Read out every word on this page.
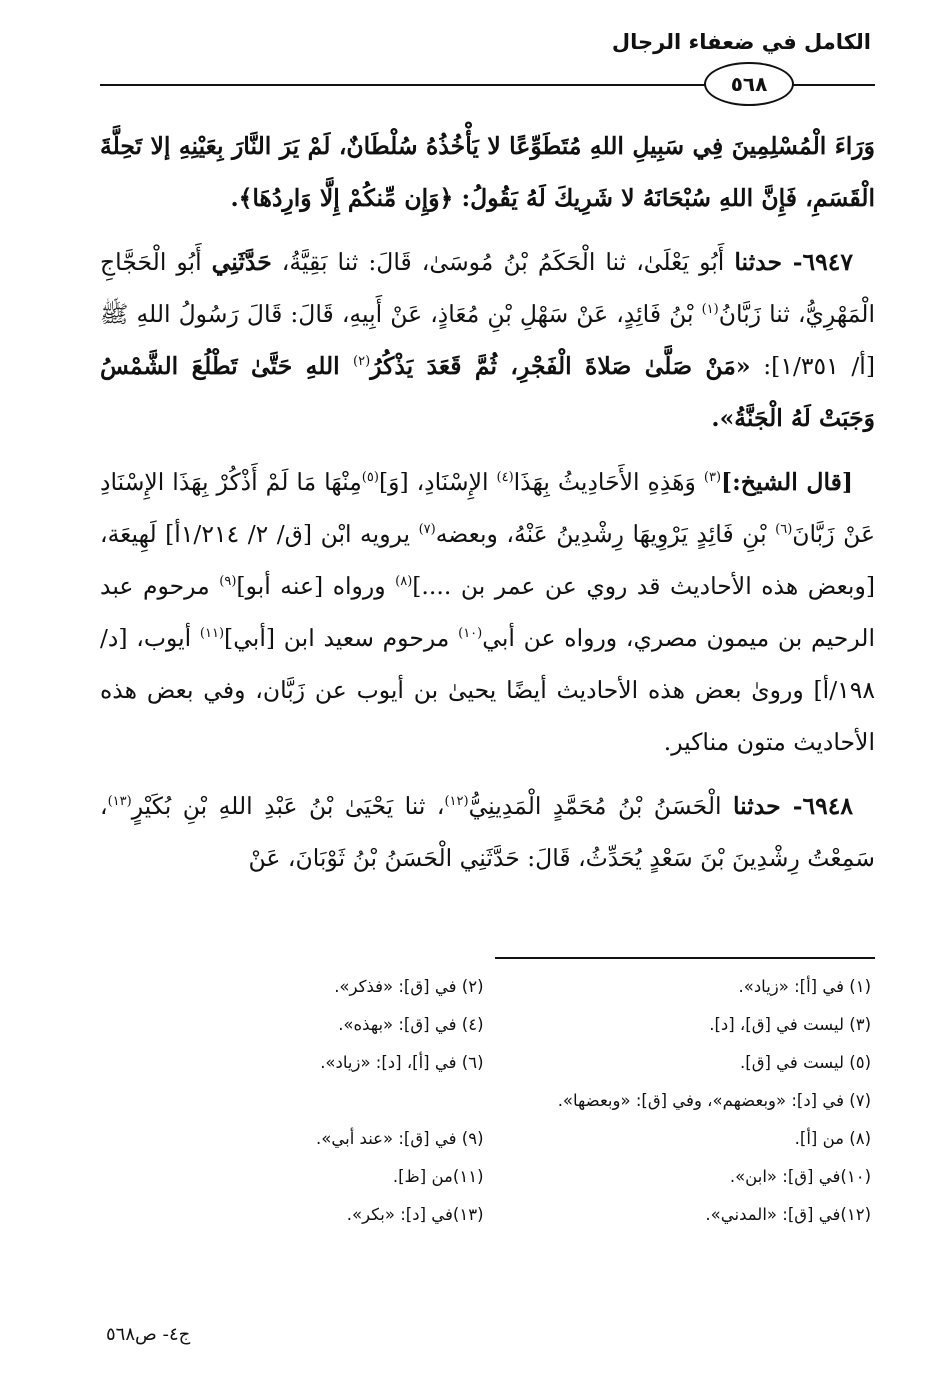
الكامل في ضعفاء الرجال
٥٦٨

وَرَاءَ الْمُسْلِمِينَ فِي سَبِيلِ اللهِ مُتَطَوِّعًا لا يَأْخُذُهُ سُلْطَانٌ، لَمْ يَرَ النَّارَ بِعَيْنِهِ إلا تَحِلَّةَ الْقَسَمِ، فَإِنَّ اللهِ سُبْحَانَهُ لا شَرِيكَ لَهُ يَقُولُ: ﴿وَإِن مِّنكُمْ إِلَّا وَارِدُهَا﴾.

٦٩٤٧- حدثنا أَبُو يَعْلَىٰ، ثنا الْحَكَمُ بْنُ مُوسَىٰ، قَالَ: ثنا بَقِيَّةُ، حَدَّثَنِي أَبُو الْحَجَّاجِ الْمَهْرِيُّ، ثنا زَبَّانُ$^{(١)}$ بْنُ فَائِدٍ، عَنْ سَهْلِ بْنِ مُعَاذٍ، عَنْ أَبِيهِ، قَالَ: قَالَ رَسُولُ اللهِ ﷺ [أ/ ١/٣٥١]: «مَنْ صَلَّىٰ صَلاةَ الْفَجْرِ، ثُمَّ قَعَدَ يَذْكُرُ$^{(٢)}$ اللهِ حَتَّىٰ تَطْلُعَ الشَّمْسُ وَجَبَتْ لَهُ الْجَنَّةُ».

[قال الشيخ:]$^{(٣)}$ وَهَذِهِ الأَحَادِيثُ بِهَذَا$^{(٤)}$ الإِسْنَادِ، [وَ]$^{(٥)}$مِنْهَا مَا لَمْ أَذْكُرْ بِهَذَا الإِسْنَادِ عَنْ زَبَّانَ$^{(٦)}$ بْنِ فَائِدٍ يَرْوِيهَا رِشْدِينُ عَنْهُ، وبعضه$^{(٧)}$ يرويه ابْن [ق/ ٢/ ١/٢١٤أ] لَهِيعَة، [وبعض هذه الأحاديث قد روي عن عمر بن ....]$^{(٨)}$ ورواه [عنه أبو]$^{(٩)}$ مرحوم عبد الرحيم بن ميمون مصري، ورواه عن أبي$^{(١٠)}$ مرحوم سعيد ابن [أبي]$^{(١١)}$ أيوب، [د/١٩٨/أ] وروىٰ بعض هذه الأحاديث أيضًا يحيىٰ بن أيوب عن زَبَّان، وفي بعض هذه الأحاديث متون مناكير.

٦٩٤٨- حدثنا الْحَسَنُ بْنُ مُحَمَّدٍ الْمَدِينِيُّ$^{(١٢)}$، ثنا يَحْيَىٰ بْنُ عَبْدِ اللهِ بْنِ بُكَيْرٍ$^{(١٣)}$، سَمِعْتُ رِشْدِينَ بْنَ سَعْدٍ يُحَدِّثُ، قَالَ: حَدَّثَنِي الْحَسَنُ بْنُ ثَوْبَانَ، عَنْ

(١) في [أ]: «زياد».
(٢) في [ق]: «فذكر».
(٣) ليست في [ق]، [د].
(٤) في [ق]: «بهذه».
(٥) ليست في [ق].
(٦) في [أ]، [د]: «زياد».
(٧) في [د]: «وبعضهم»، وفي [ق]: «وبعضها».
(٨) من [أ].
(٩) في [ق]: «عند أبي».
(١٠)في [ق]: «ابن».
(١١)من [ظ].
(١٢)في [ق]: «المدني».
(١٣)في [د]: «بكر».
ج٤- ص٥٦٨
